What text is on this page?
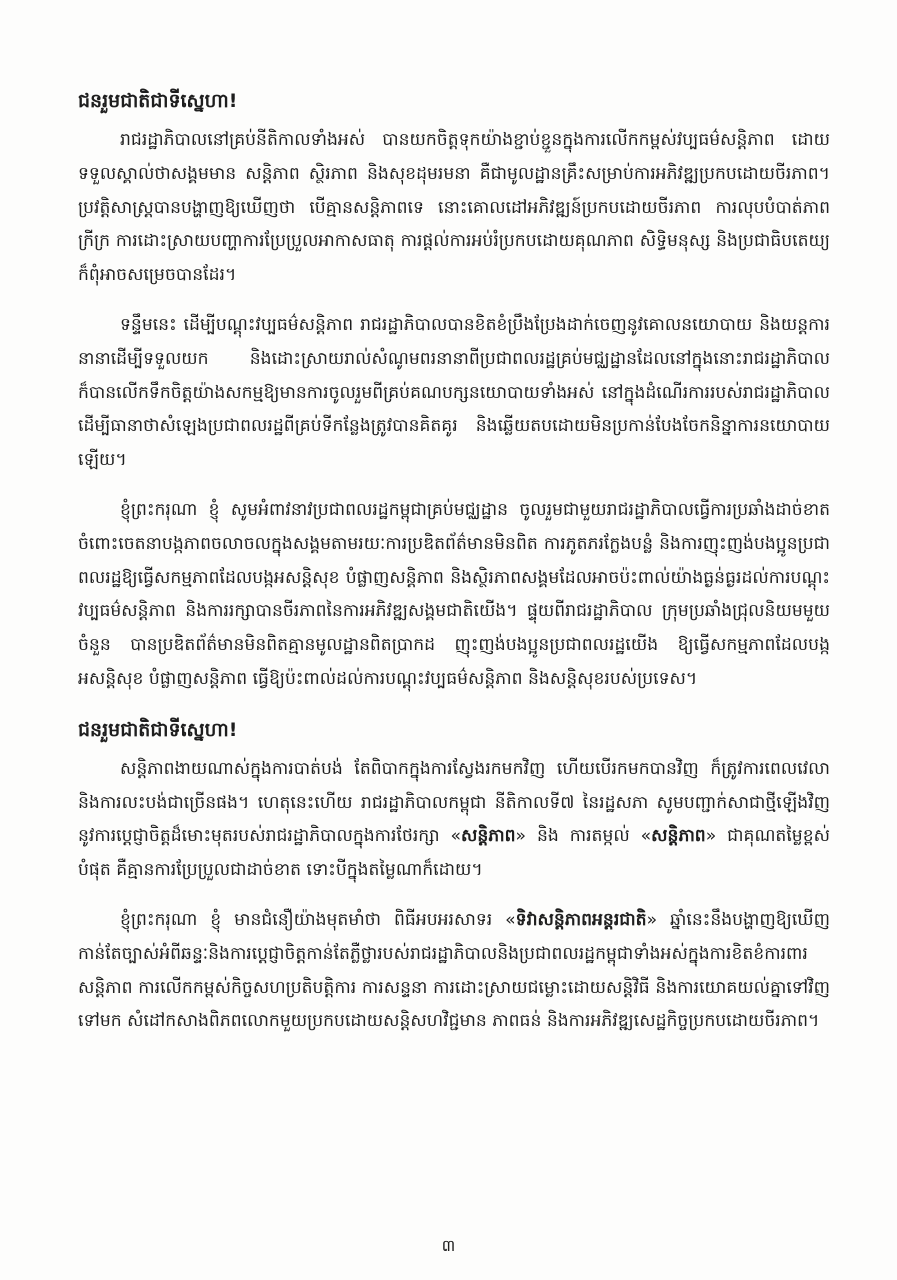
ជនរួមជាតិជាទីស្នេហា!

រាជរដ្ឋាភិបាលនៅគ្រប់នីតិកាលទាំងអស់ បានយកចិត្តទុកយ៉ាងខ្ជាប់ខ្ជួនក្នុងការលើកកម្ពស់វប្បធម៌សន្តិភាព ដោយទទួលស្គាល់ថាសង្គមមាន សន្តិភាព ស្ថិរភាព និងសុខដុមរមនា គឺជាមូលដ្ឋានគ្រឹះសម្រាប់ការអភិវឌ្ឍប្រកបដោយចីរភាព។ ប្រវត្តិសាស្ត្របានបង្ហាញឱ្យឃើញថា បើគ្មានសន្តិភាពទេ នោះគោលដៅអភិវឌ្ឍន៍ប្រកបដោយចីរភាព ការលុបបំបាត់ភាពក្រីក្រ ការដោះស្រាយបញ្ហាការប្រែប្រួលអាកាសធាតុ ការផ្តល់ការអប់រំប្រកបដោយគុណភាព សិទ្ធិមនុស្ស និងប្រជាធិបតេយ្យ ក៏ពុំអាចសម្រេចបានដែរ។

ទន្ទឹមនេះ ដើម្បីបណ្តុះវប្បធម៌សន្តិភាព រាជរដ្ឋាភិបាលបានខិតខំប្រឹងប្រែងដាក់ចេញនូវគោលនយោបាយ និងយន្តការនានាដើម្បីទទួលយក និងដោះស្រាយរាល់សំណូមពរនានាពីប្រជាពលរដ្ឋគ្រប់មជ្ឈដ្ឋានដែលនៅក្នុងនោះរាជរដ្ឋាភិបាលក៏បានលើកទឹកចិត្តយ៉ាងសកម្មឱ្យមានការចូលរួមពីគ្រប់គណបក្សនយោបាយទាំងអស់ នៅក្នុងដំណើរការរបស់រាជរដ្ឋាភិបាលដើម្បីធានាថាសំឡេងប្រជាពលរដ្ឋពីគ្រប់ទីកន្លែងត្រូវបានគិតគូរ និងឆ្លើយតបដោយមិនប្រកាន់បែងចែកនិន្នាការនយោបាយឡើយ។

ខ្ញុំព្រះករុណា ខ្ញុំ សូមអំពាវនាវប្រជាពលរដ្ឋកម្ពុជាគ្រប់មជ្ឈដ្ឋាន ចូលរួមជាមួយរាជរដ្ឋាភិបាលធ្វើការប្រឆាំងដាច់ខាតចំពោះចេតនាបង្កភាពចលាចលក្នុងសង្គមតាមរយៈការប្រឌិតព័ត៌មានមិនពិត ការភូតភរក្លែងបន្លំ និងការញុះញង់បងប្អូនប្រជាពលរដ្ឋឱ្យធ្វើសកម្មភាពដែលបង្កអសន្តិសុខ បំផ្លាញសន្តិភាព និងស្ថិរភាពសង្គមដែលអាចប៉ះពាល់យ៉ាងធ្ងន់ធ្ងរដល់ការបណ្តុះវប្បធម៌សន្តិភាព និងការរក្សាបានចីរភាពនៃការអភិវឌ្ឍសង្គមជាតិយើង។ ផ្ទុយពីរាជរដ្ឋាភិបាល ក្រុមប្រឆាំងជ្រុលនិយមមួយចំនួន បានប្រឌិតព័ត៌មានមិនពិតគ្មានមូលដ្ឋានពិតប្រាកដ ញុះញង់បងប្អូនប្រជាពលរដ្ឋយើង ឱ្យធ្វើសកម្មភាពដែលបង្កអសន្តិសុខ បំផ្លាញសន្តិភាព ធ្វើឱ្យប៉ះពាល់ដល់ការបណ្តុះវប្បធម៌សន្តិភាព និងសន្តិសុខរបស់ប្រទេស។

ជនរួមជាតិជាទីស្នេហា!

សន្តិភាពងាយណាស់ក្នុងការបាត់បង់ តែពិបាកក្នុងការស្វែងរកមកវិញ ហើយបើរកមកបានវិញ ក៏ត្រូវការពេលវេលា និងការលះបង់ជាច្រើនផង។ ហេតុនេះហើយ រាជរដ្ឋាភិបាលកម្ពុជា នីតិកាលទី៧ នៃរដ្ឋសភា សូមបញ្ជាក់សាជាថ្មីឡើងវិញ នូវការប្តេជ្ញាចិត្តដ៏មោះមុតរបស់រាជរដ្ឋាភិបាលក្នុងការថែរក្សា «សន្តិភាព» និង ការតម្កល់ «សន្តិភាព» ជាគុណតម្លៃខ្ពស់បំផុត គឺគ្មានការប្រែប្រួលជាដាច់ខាត ទោះបីក្នុងតម្លៃណាក៏ដោយ។

ខ្ញុំព្រះករុណា ខ្ញុំ មានជំនឿយ៉ាងមុតមាំថា ពិធីអបអរសាទរ «ទិវាសន្តិភាពអន្តរជាតិ» ឆ្នាំនេះនឹងបង្ហាញឱ្យឃើញកាន់តែច្បាស់អំពីឆន្ទៈនិងការប្តេជ្ញាចិត្តកាន់តែភ្លឺថ្លារបស់រាជរដ្ឋាភិបាលនិងប្រជាពលរដ្ឋកម្ពុជាទាំងអស់ក្នុងការខិតខំការពារសន្តិភាព ការលើកកម្ពស់កិច្ចសហប្រតិបត្តិការ ការសន្ទនា ការដោះស្រាយជម្លោះដោយសន្តិវិធី និងការយោគយល់គ្នាទៅវិញទៅមក សំដៅកសាងពិភពលោកមួយប្រកបដោយសន្តិសហវិជ្ជមាន ភាពធន់ និងការអភិវឌ្ឍសេដ្ឋកិច្ចប្រកបដោយចីរភាព។

៣
